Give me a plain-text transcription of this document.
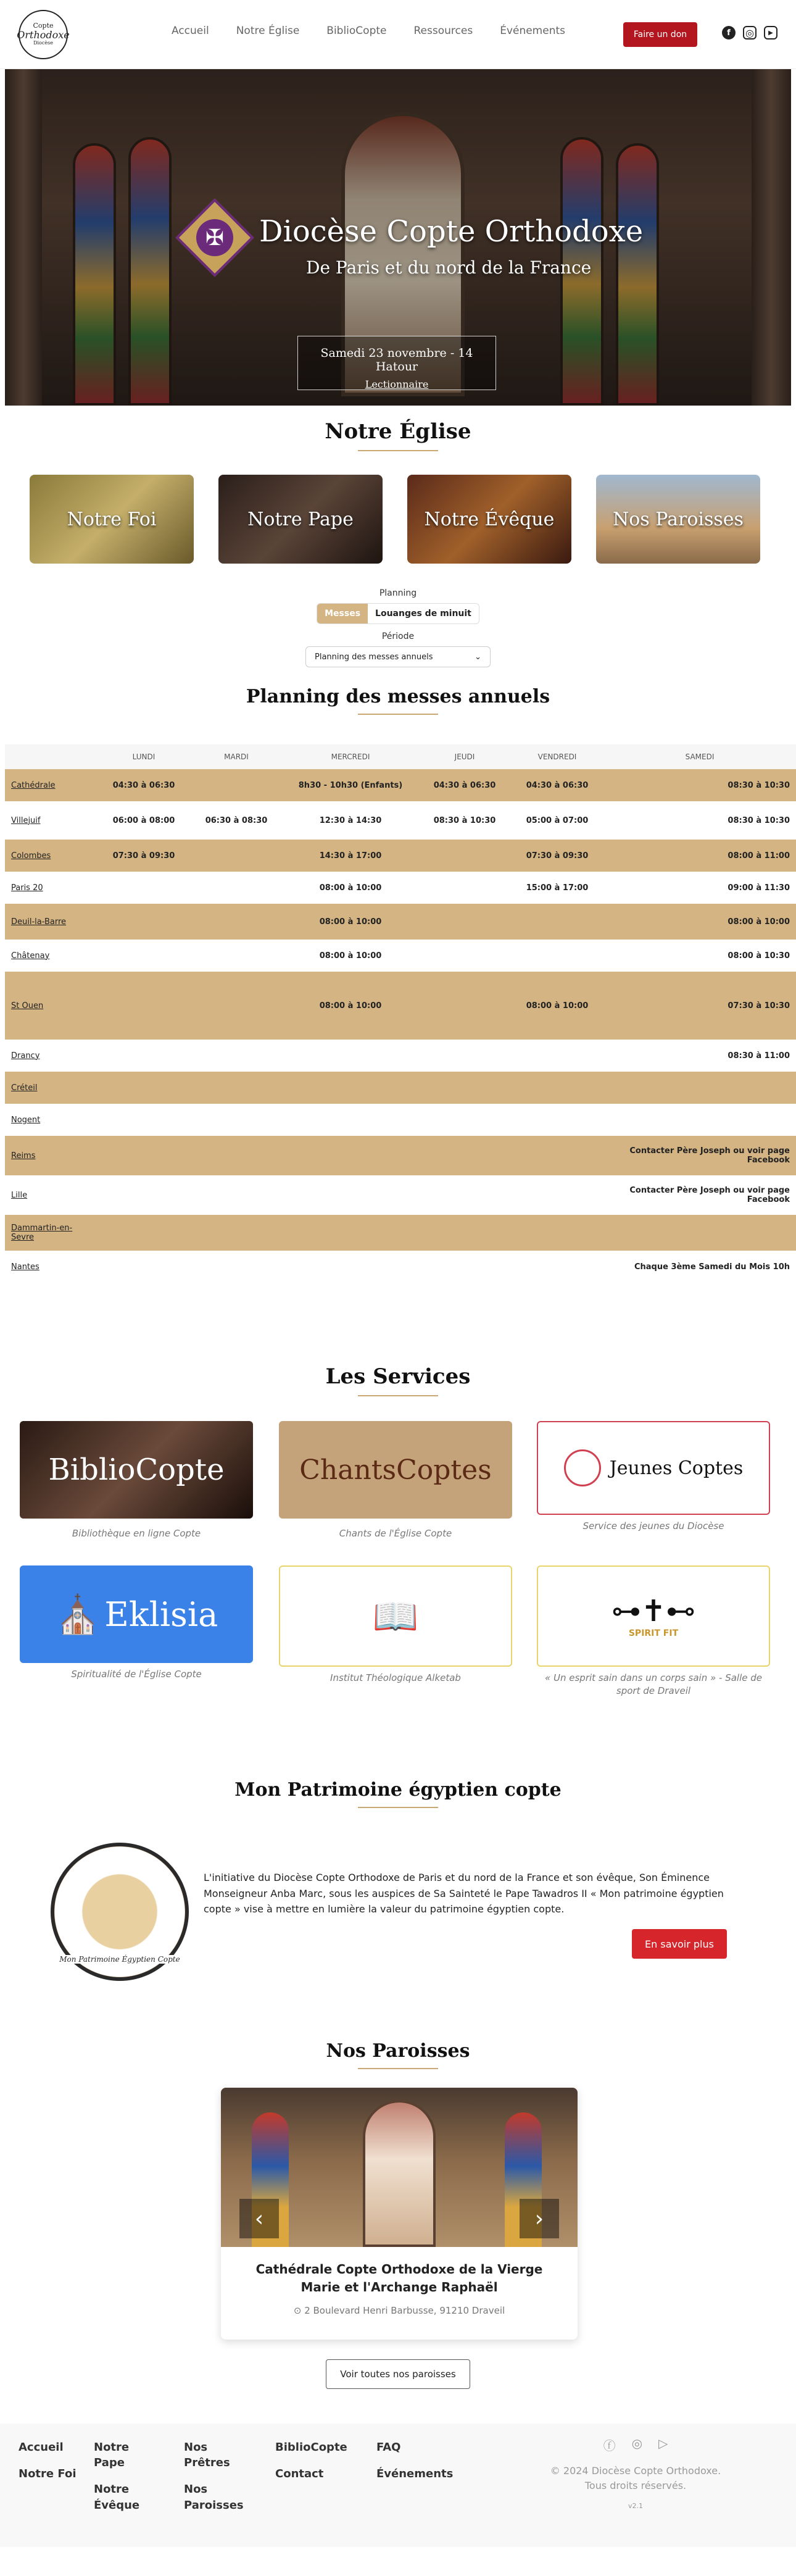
Copte
Orthodoxe
Diocèse
Accueil	Notre Église	BiblioCopte	Ressources	Événements	Faire un don	f	◎	▶
✠ Diocèse Copte Orthodoxe
De Paris et du nord de la France
Samedi 23 novembre - 14 Hatour
Lectionnaire
Notre Église
Notre Foi	Notre Pape	Notre Évêque	Nos Paroisses
Planning
Messes	Louanges de minuit
Période
Planning des messes annuels	⌄
Planning des messes annuels
	LUNDI	MARDI	MERCREDI	JEUDI	VENDREDI	SAMEDI
Cathédrale	04:30 à 06:30		8h30 - 10h30 (Enfants)	04:30 à 06:30	04:30 à 06:30	08:30 à 10:30
Villejuif	06:00 à 08:00	06:30 à 08:30	12:30 à 14:30	08:30 à 10:30	05:00 à 07:00	08:30 à 10:30
Colombes	07:30 à 09:30		14:30 à 17:00		07:30 à 09:30	08:00 à 11:00
Paris 20			08:00 à 10:00		15:00 à 17:00	09:00 à 11:30
Deuil-la-Barre			08:00 à 10:00			08:00 à 10:00
Châtenay			08:00 à 10:00			08:00 à 10:30
St Ouen			08:00 à 10:00		08:00 à 10:00	07:30 à 10:30
Drancy						08:30 à 11:00
Créteil						
Nogent						
Reims						Contacter Père Joseph ou voir page Facebook
Lille						Contacter Père Joseph ou voir page Facebook
Dammartin-en-Sevre						
Nantes						Chaque 3ème Samedi du Mois 10h
Les Services
BiblioCopte
Bibliothèque en ligne Copte
ChantsCoptes
Chants de l'Église Copte
Jeunes Coptes
Service des jeunes du Diocèse
⛪ Eklisia
Spiritualité de l'Église Copte
📖
Institut Théologique Alketab
⊶✝⊷
SPIRIT FIT
« Un esprit sain dans un corps sain » - Salle de sport de Draveil
Mon Patrimoine égyptien copte
Mon Patrimoine Égyptien Copte
L'initiative du Diocèse Copte Orthodoxe de Paris et du nord de la France et son évêque, Son Éminence Monseigneur Anba Marc, sous les auspices de Sa Sainteté le Pape Tawadros II « Mon patrimoine égyptien copte » vise à mettre en lumière la valeur du patrimoine égyptien copte.
En savoir plus
Nos Paroisses
‹	›
Cathédrale Copte Orthodoxe de la Vierge Marie et l'Archange Raphaël
⊙ 2 Boulevard Henri Barbusse, 91210 Draveil
Voir toutes nos paroisses
Accueil
Notre Foi
Notre Pape
Notre Évêque
Nos Prêtres
Nos Paroisses
BiblioCopte
Contact
FAQ
Événements
ⓕ ◎ ▷
© 2024 Diocèse Copte Orthodoxe. Tous droits réservés.
v2.1
